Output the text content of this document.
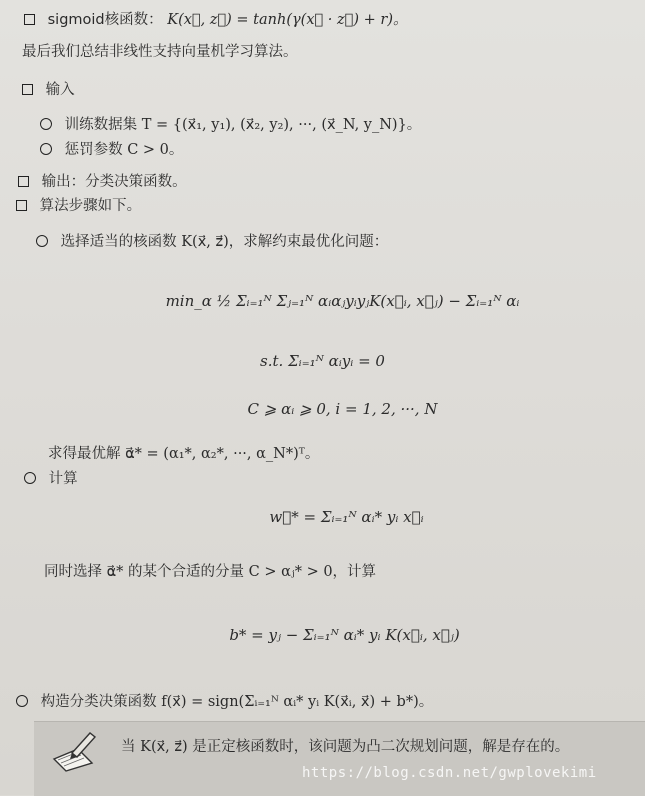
sigmoid核函数： K(x⃗, z⃗) = tanh(γ(x⃗ · z⃗) + r)。
最后我们总结非线性支持向量机学习算法。
输入
训练数据集 T = {(x⃗₁, y₁), (x⃗₂, y₂), ···, (x⃗_N, y_N)}。
惩罚参数 C > 0。
输出：分类决策函数。
算法步骤如下。
选择适当的核函数 K(x⃗, z⃗)，求解约束最优化问题：
min_α ½ Σᵢ₌₁ᴺ Σⱼ₌₁ᴺ αᵢαⱼyᵢyⱼK(x⃗ᵢ, x⃗ⱼ) − Σᵢ₌₁ᴺ αᵢ
s.t. Σᵢ₌₁ᴺ αᵢyᵢ = 0
C ⩾ αᵢ ⩾ 0, i = 1, 2, ···, N
求得最优解 α⃗* = (α₁*, α₂*, ···, α_N*)ᵀ。
计算
w⃗* = Σᵢ₌₁ᴺ αᵢ* yᵢ x⃗ᵢ
同时选择 α⃗* 的某个合适的分量 C > αⱼ* > 0，计算
b* = yⱼ − Σᵢ₌₁ᴺ αᵢ* yᵢ K(x⃗ᵢ, x⃗ⱼ)
构造分类决策函数 f(x⃗) = sign(Σᵢ₌₁ᴺ αᵢ* yᵢ K(x⃗ᵢ, x⃗) + b*)。
当 K(x⃗, z⃗) 是正定核函数时，该问题为凸二次规划问题，解是存在的。
https://blog.csdn.net/gwplovekimi
